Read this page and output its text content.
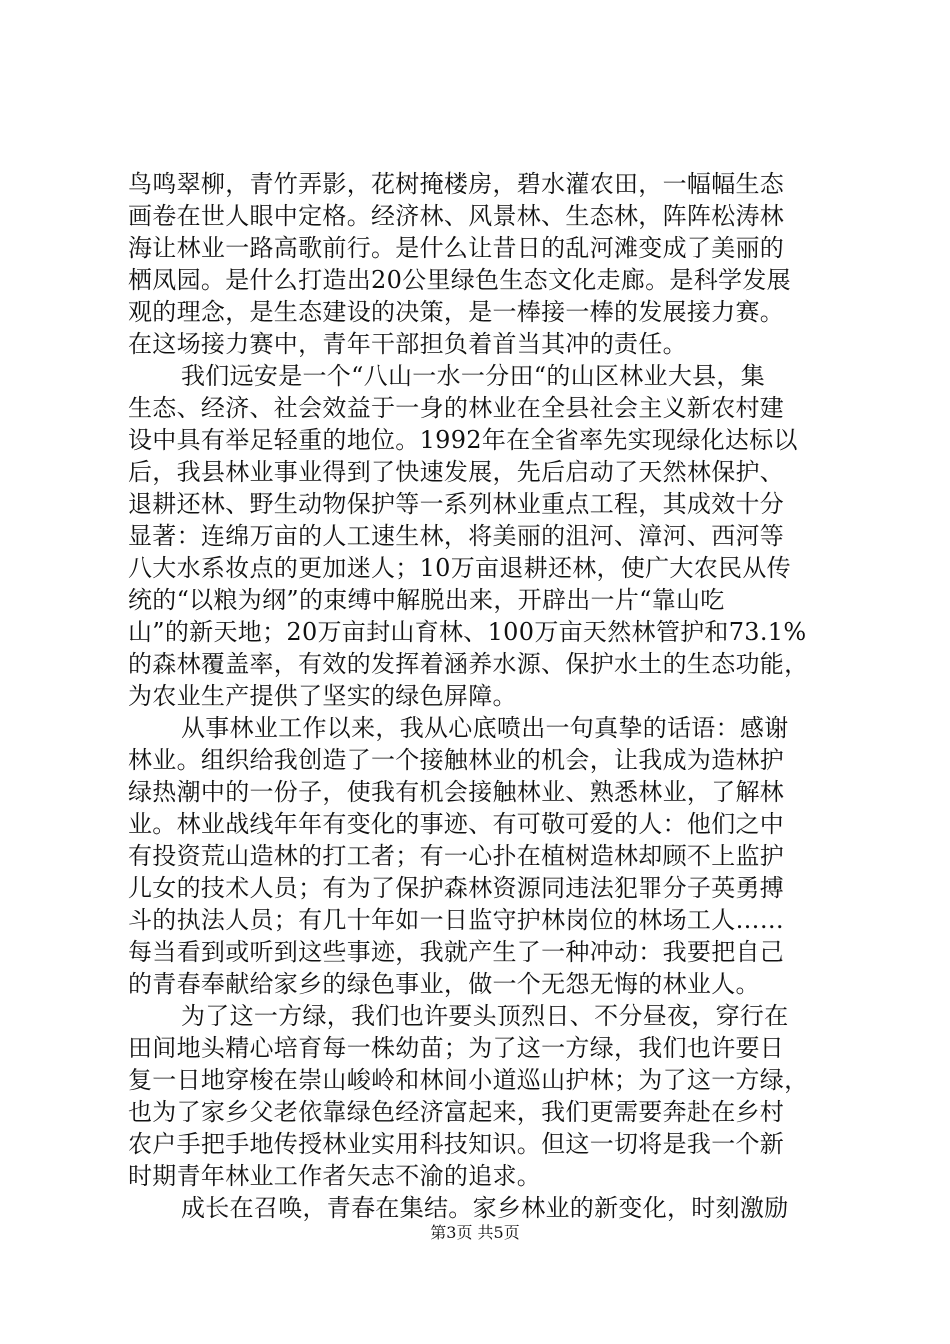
鸟鸣翠柳，青竹弄影，花树掩楼房，碧水灌农田，一幅幅生态
画卷在世人眼中定格。经济林、风景林、生态林，阵阵松涛林
海让林业一路高歌前行。是什么让昔日的乱河滩变成了美丽的
栖凤园。是什么打造出20公里绿色生态文化走廊。是科学发展
观的理念，是生态建设的决策，是一棒接一棒的发展接力赛。
在这场接力赛中，青年干部担负着首当其冲的责任。
我们远安是一个“八山一水一分田“的山区林业大县，集
生态、经济、社会效益于一身的林业在全县社会主义新农村建
设中具有举足轻重的地位。1992年在全省率先实现绿化达标以
后，我县林业事业得到了快速发展，先后启动了天然林保护、
退耕还林、野生动物保护等一系列林业重点工程，其成效十分
显著：连绵万亩的人工速生林，将美丽的沮河、漳河、西河等
八大水系妆点的更加迷人；10万亩退耕还林，使广大农民从传
统的“以粮为纲”的束缚中解脱出来，开辟出一片“靠山吃
山”的新天地；20万亩封山育林、100万亩天然林管护和73.1%
的森林覆盖率，有效的发挥着涵养水源、保护水土的生态功能，
为农业生产提供了坚实的绿色屏障。
从事林业工作以来，我从心底喷出一句真挚的话语：感谢
林业。组织给我创造了一个接触林业的机会，让我成为造林护
绿热潮中的一份子，使我有机会接触林业、熟悉林业，了解林
业。林业战线年年有变化的事迹、有可敬可爱的人：他们之中
有投资荒山造林的打工者；有一心扑在植树造林却顾不上监护
儿女的技术人员；有为了保护森林资源同违法犯罪分子英勇搏
斗的执法人员；有几十年如一日监守护林岗位的林场工人……
每当看到或听到这些事迹，我就产生了一种冲动：我要把自己
的青春奉献给家乡的绿色事业，做一个无怨无悔的林业人。
为了这一方绿，我们也许要头顶烈日、不分昼夜，穿行在
田间地头精心培育每一株幼苗；为了这一方绿，我们也许要日
复一日地穿梭在崇山峻岭和林间小道巡山护林；为了这一方绿，
也为了家乡父老依靠绿色经济富起来，我们更需要奔赴在乡村
农户手把手地传授林业实用科技知识。但这一切将是我一个新
时期青年林业工作者矢志不渝的追求。
成长在召唤，青春在集结。家乡林业的新变化，时刻激励
第3页 共5页
